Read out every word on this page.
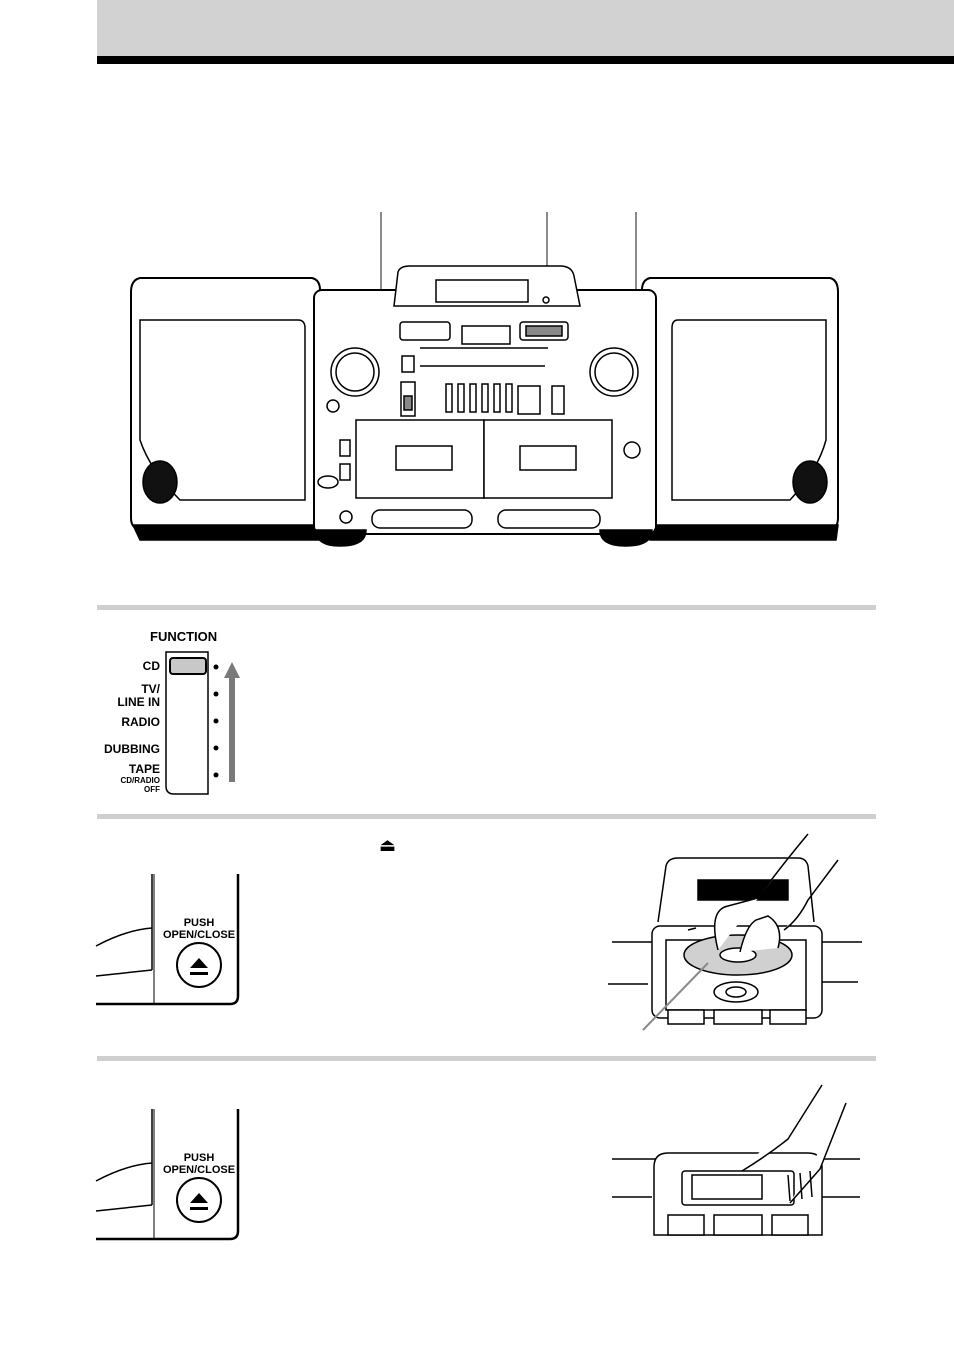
FUNCTION
CD
TV/
LINE IN
RADIO
DUBBING
TAPE
CD/RADIO
OFF
⏏
PUSH
OPEN/CLOSE
PUSH
OPEN/CLOSE
